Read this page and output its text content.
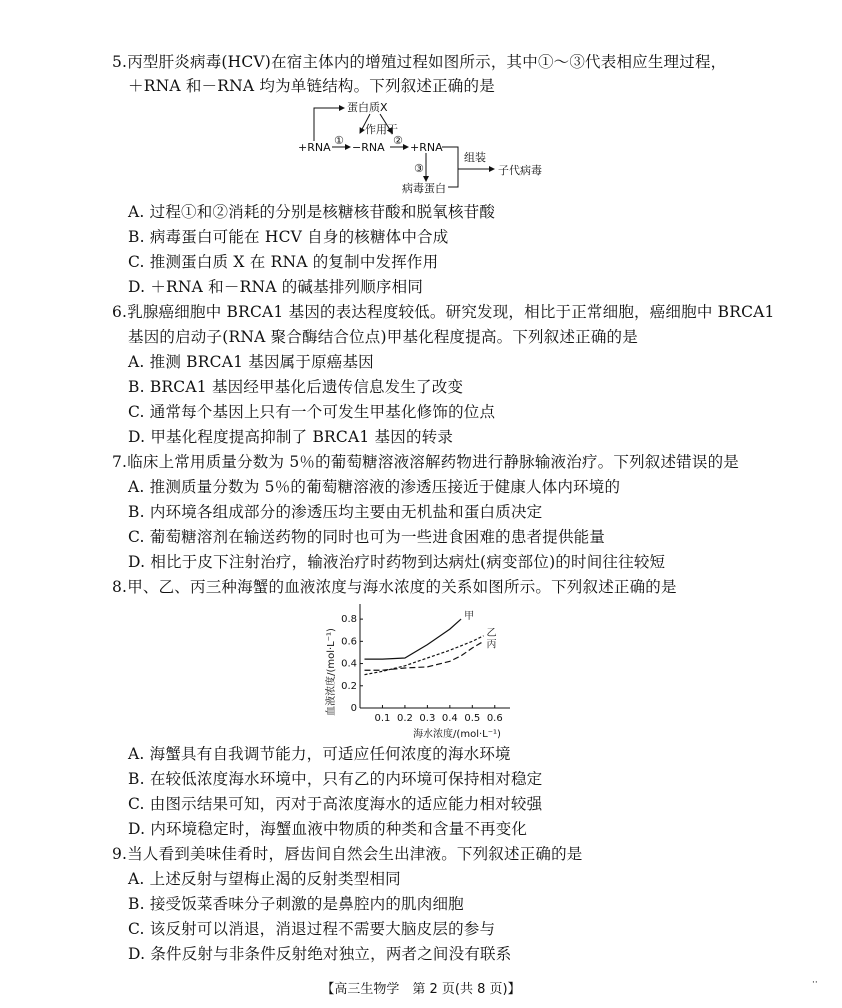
5.丙型肝炎病毒(HCV)在宿主体内的增殖过程如图所示，其中①～③代表相应生理过程，
＋RNA 和－RNA 均为单链结构。下列叙述正确的是
蛋白质X
作用于
①	②
+RNA −RNA +RNA
③
组装
子代病毒
病毒蛋白
A. 过程①和②消耗的分别是核糖核苷酸和脱氧核苷酸
B. 病毒蛋白可能在 HCV 自身的核糖体中合成
C. 推测蛋白质 X 在 RNA 的复制中发挥作用
D. ＋RNA 和－RNA 的碱基排列顺序相同
6.乳腺癌细胞中 BRCA1 基因的表达程度较低。研究发现，相比于正常细胞，癌细胞中 BRCA1
基因的启动子(RNA 聚合酶结合位点)甲基化程度提高。下列叙述正确的是
A. 推测 BRCA1 基因属于原癌基因
B. BRCA1 基因经甲基化后遗传信息发生了改变
C. 通常每个基因上只有一个可发生甲基化修饰的位点
D. 甲基化程度提高抑制了 BRCA1 基因的转录
7.临床上常用质量分数为 5％的葡萄糖溶液溶解药物进行静脉输液治疗。下列叙述错误的是
A. 推测质量分数为 5％的葡萄糖溶液的渗透压接近于健康人体内环境的
B. 内环境各组成部分的渗透压均主要由无机盐和蛋白质决定
C. 葡萄糖溶剂在输送药物的同时也可为一些进食困难的患者提供能量
D. 相比于皮下注射治疗，输液治疗时药物到达病灶(病变部位)的时间往往较短
8.甲、乙、丙三种海蟹的血液浓度与海水浓度的关系如图所示。下列叙述正确的是
血液浓度/(mol·L⁻¹)
海水浓度/(mol·L⁻¹)
0.1 0.2 0.3 0.4 0.5 0.6
0
0.2
0.4
0.6
0.8	甲
乙
丙
A. 海蟹具有自我调节能力，可适应任何浓度的海水环境
B. 在较低浓度海水环境中，只有乙的内环境可保持相对稳定
C. 由图示结果可知，丙对于高浓度海水的适应能力相对较强
D. 内环境稳定时，海蟹血液中物质的种类和含量不再变化
9.当人看到美味佳肴时，唇齿间自然会生出津液。下列叙述正确的是
A. 上述反射与望梅止渴的反射类型相同
B. 接受饭菜香味分子刺激的是鼻腔内的肌肉细胞
C. 该反射可以消退，消退过程不需要大脑皮层的参与
D. 条件反射与非条件反射绝对独立，两者之间没有联系
【高三生物学　第 2 页(共 8 页)】	··
